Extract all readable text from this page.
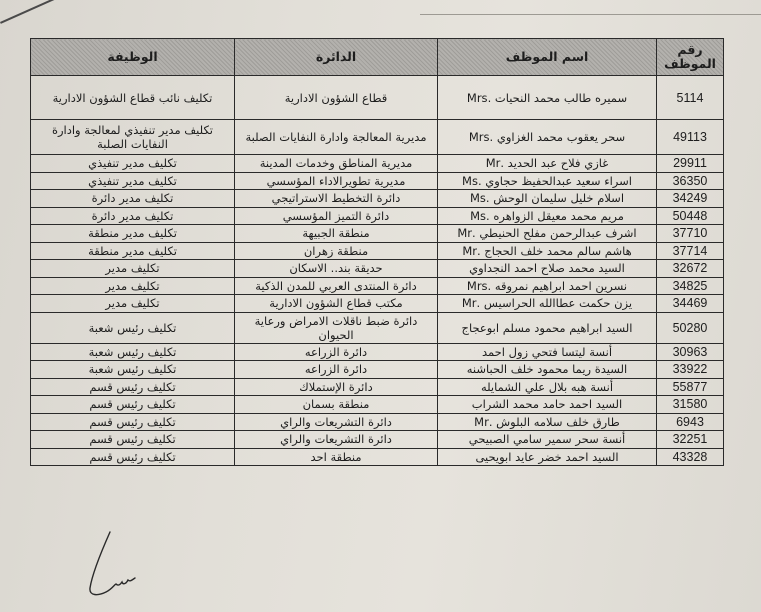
رقم الموظف	اسم الموظف	الدائرة	الوظيفة
5114	سميره طالب محمد النحيات .Mrs	قطاع الشؤون الادارية	تكليف نائب قطاع الشؤون الادارية
49113	سحر يعقوب محمد الغزاوي .Mrs	مديرية المعالجة وادارة النفايات الصلبة	تكليف مدير تنفيذي لمعالجة وادارة النفايات الصلبة
29911	غازي فلاح عبد الحديد .Mr	مديرية المناطق وخدمات المدينة	تكليف مدير تنفيذي
36350	اسراء سعيد عبدالحفيظ حجاوي .Ms	مديرية تطويرالاداء المؤسسي	تكليف مدير تنفيذي
34249	اسلام خليل سليمان الوحش .Ms	دائرة التخطيط الاستراتيجي	تكليف مدير دائرة
50448	مريم محمد معيقل الزواهره .Ms	دائرة التميز المؤسسي	تكليف مدير دائرة
37710	اشرف عبدالرحمن مفلح الحنيطي .Mr	منطقة الجبيهة	تكليف مدير منطقة
37714	هاشم سالم محمد خلف الحجاج .Mr	منطقة زهران	تكليف مدير منطقة
32672	السيد محمد صلاح احمد النجداوي	حديقة بند.. الاسكان	تكليف مدير
34825	نسرين احمد ابراهيم نمروقه .Mrs	دائرة المنتدى العربي للمدن الذكية	تكليف مدير
34469	يزن حكمت عطاالله الحراسيس .Mr	مكتب قطاع الشؤون الادارية	تكليف مدير
50280	السيد ابراهيم محمود مسلم ابوعجاج	دائرة ضبط ناقلات الامراض ورعاية الحيوان	تكليف رئيس شعبة
30963	أنسة ليتسا فتحي زول احمد	دائرة الزراعه	تكليف رئيس شعبة
33922	السيدة ريما محمود خلف الحباشنه	دائرة الزراعه	تكليف رئيس شعبة
55877	أنسة هبه بلال علي الشمايله	دائرة الإستملاك	تكليف رئيس قسم
31580	السيد احمد حامد محمد الشراب	منطقة بسمان	تكليف رئيس قسم
6943	طارق خلف سلامه البلوش .Mr	دائرة التشريعات والراي	تكليف رئيس قسم
32251	أنسة سحر سمير سامي الصبيحي	دائرة التشريعات والراي	تكليف رئيس قسم
43328	السيد احمد خضر عايد ابويحيى	منطقة احد	تكليف رئيس قسم
